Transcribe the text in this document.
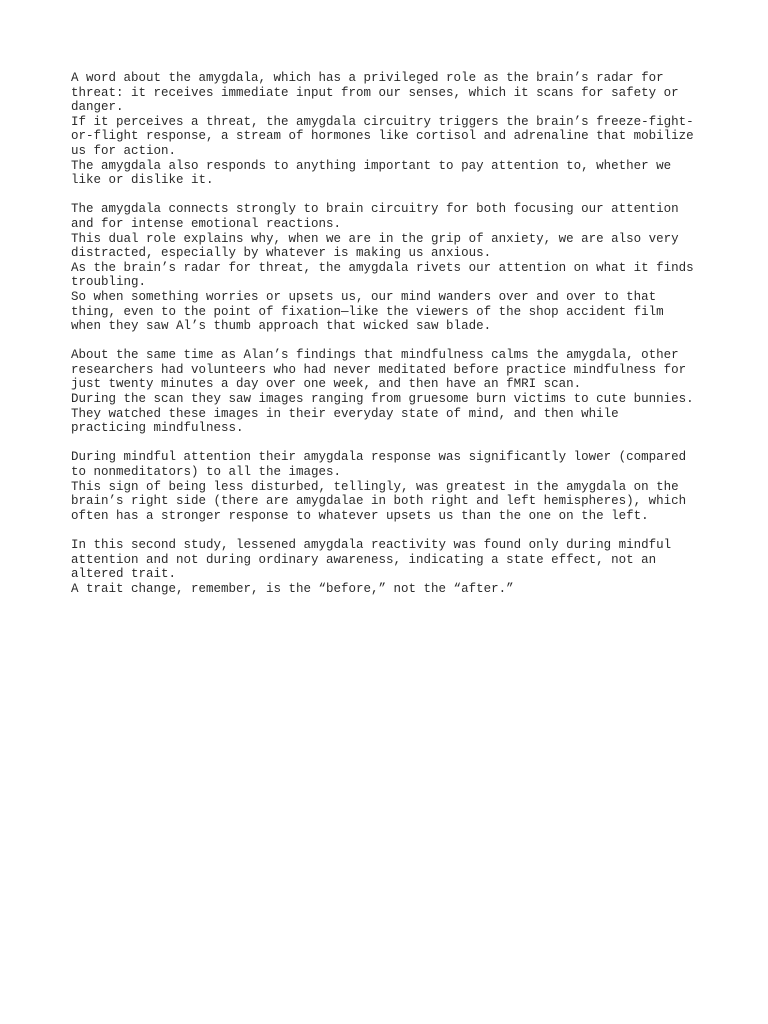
A word about the amygdala, which has a privileged role as the brain’s radar for
threat: it receives immediate input from our senses, which it scans for safety or
danger.
If it perceives a threat, the amygdala circuitry triggers the brain’s freeze-fight-
or-flight response, a stream of hormones like cortisol and adrenaline that mobilize
us for action.
The amygdala also responds to anything important to pay attention to, whether we
like or dislike it.
The amygdala connects strongly to brain circuitry for both focusing our attention
and for intense emotional reactions.
This dual role explains why, when we are in the grip of anxiety, we are also very
distracted, especially by whatever is making us anxious.
As the brain’s radar for threat, the amygdala rivets our attention on what it finds
troubling.
So when something worries or upsets us, our mind wanders over and over to that
thing, even to the point of fixation—like the viewers of the shop accident film
when they saw Al’s thumb approach that wicked saw blade.
About the same time as Alan’s findings that mindfulness calms the amygdala, other
researchers had volunteers who had never meditated before practice mindfulness for
just twenty minutes a day over one week, and then have an fMRI scan.
During the scan they saw images ranging from gruesome burn victims to cute bunnies.
They watched these images in their everyday state of mind, and then while
practicing mindfulness.
During mindful attention their amygdala response was significantly lower (compared
to nonmeditators) to all the images.
This sign of being less disturbed, tellingly, was greatest in the amygdala on the
brain’s right side (there are amygdalae in both right and left hemispheres), which
often has a stronger response to whatever upsets us than the one on the left.
In this second study, lessened amygdala reactivity was found only during mindful
attention and not during ordinary awareness, indicating a state effect, not an
altered trait.
A trait change, remember, is the “before,” not the “after.”
